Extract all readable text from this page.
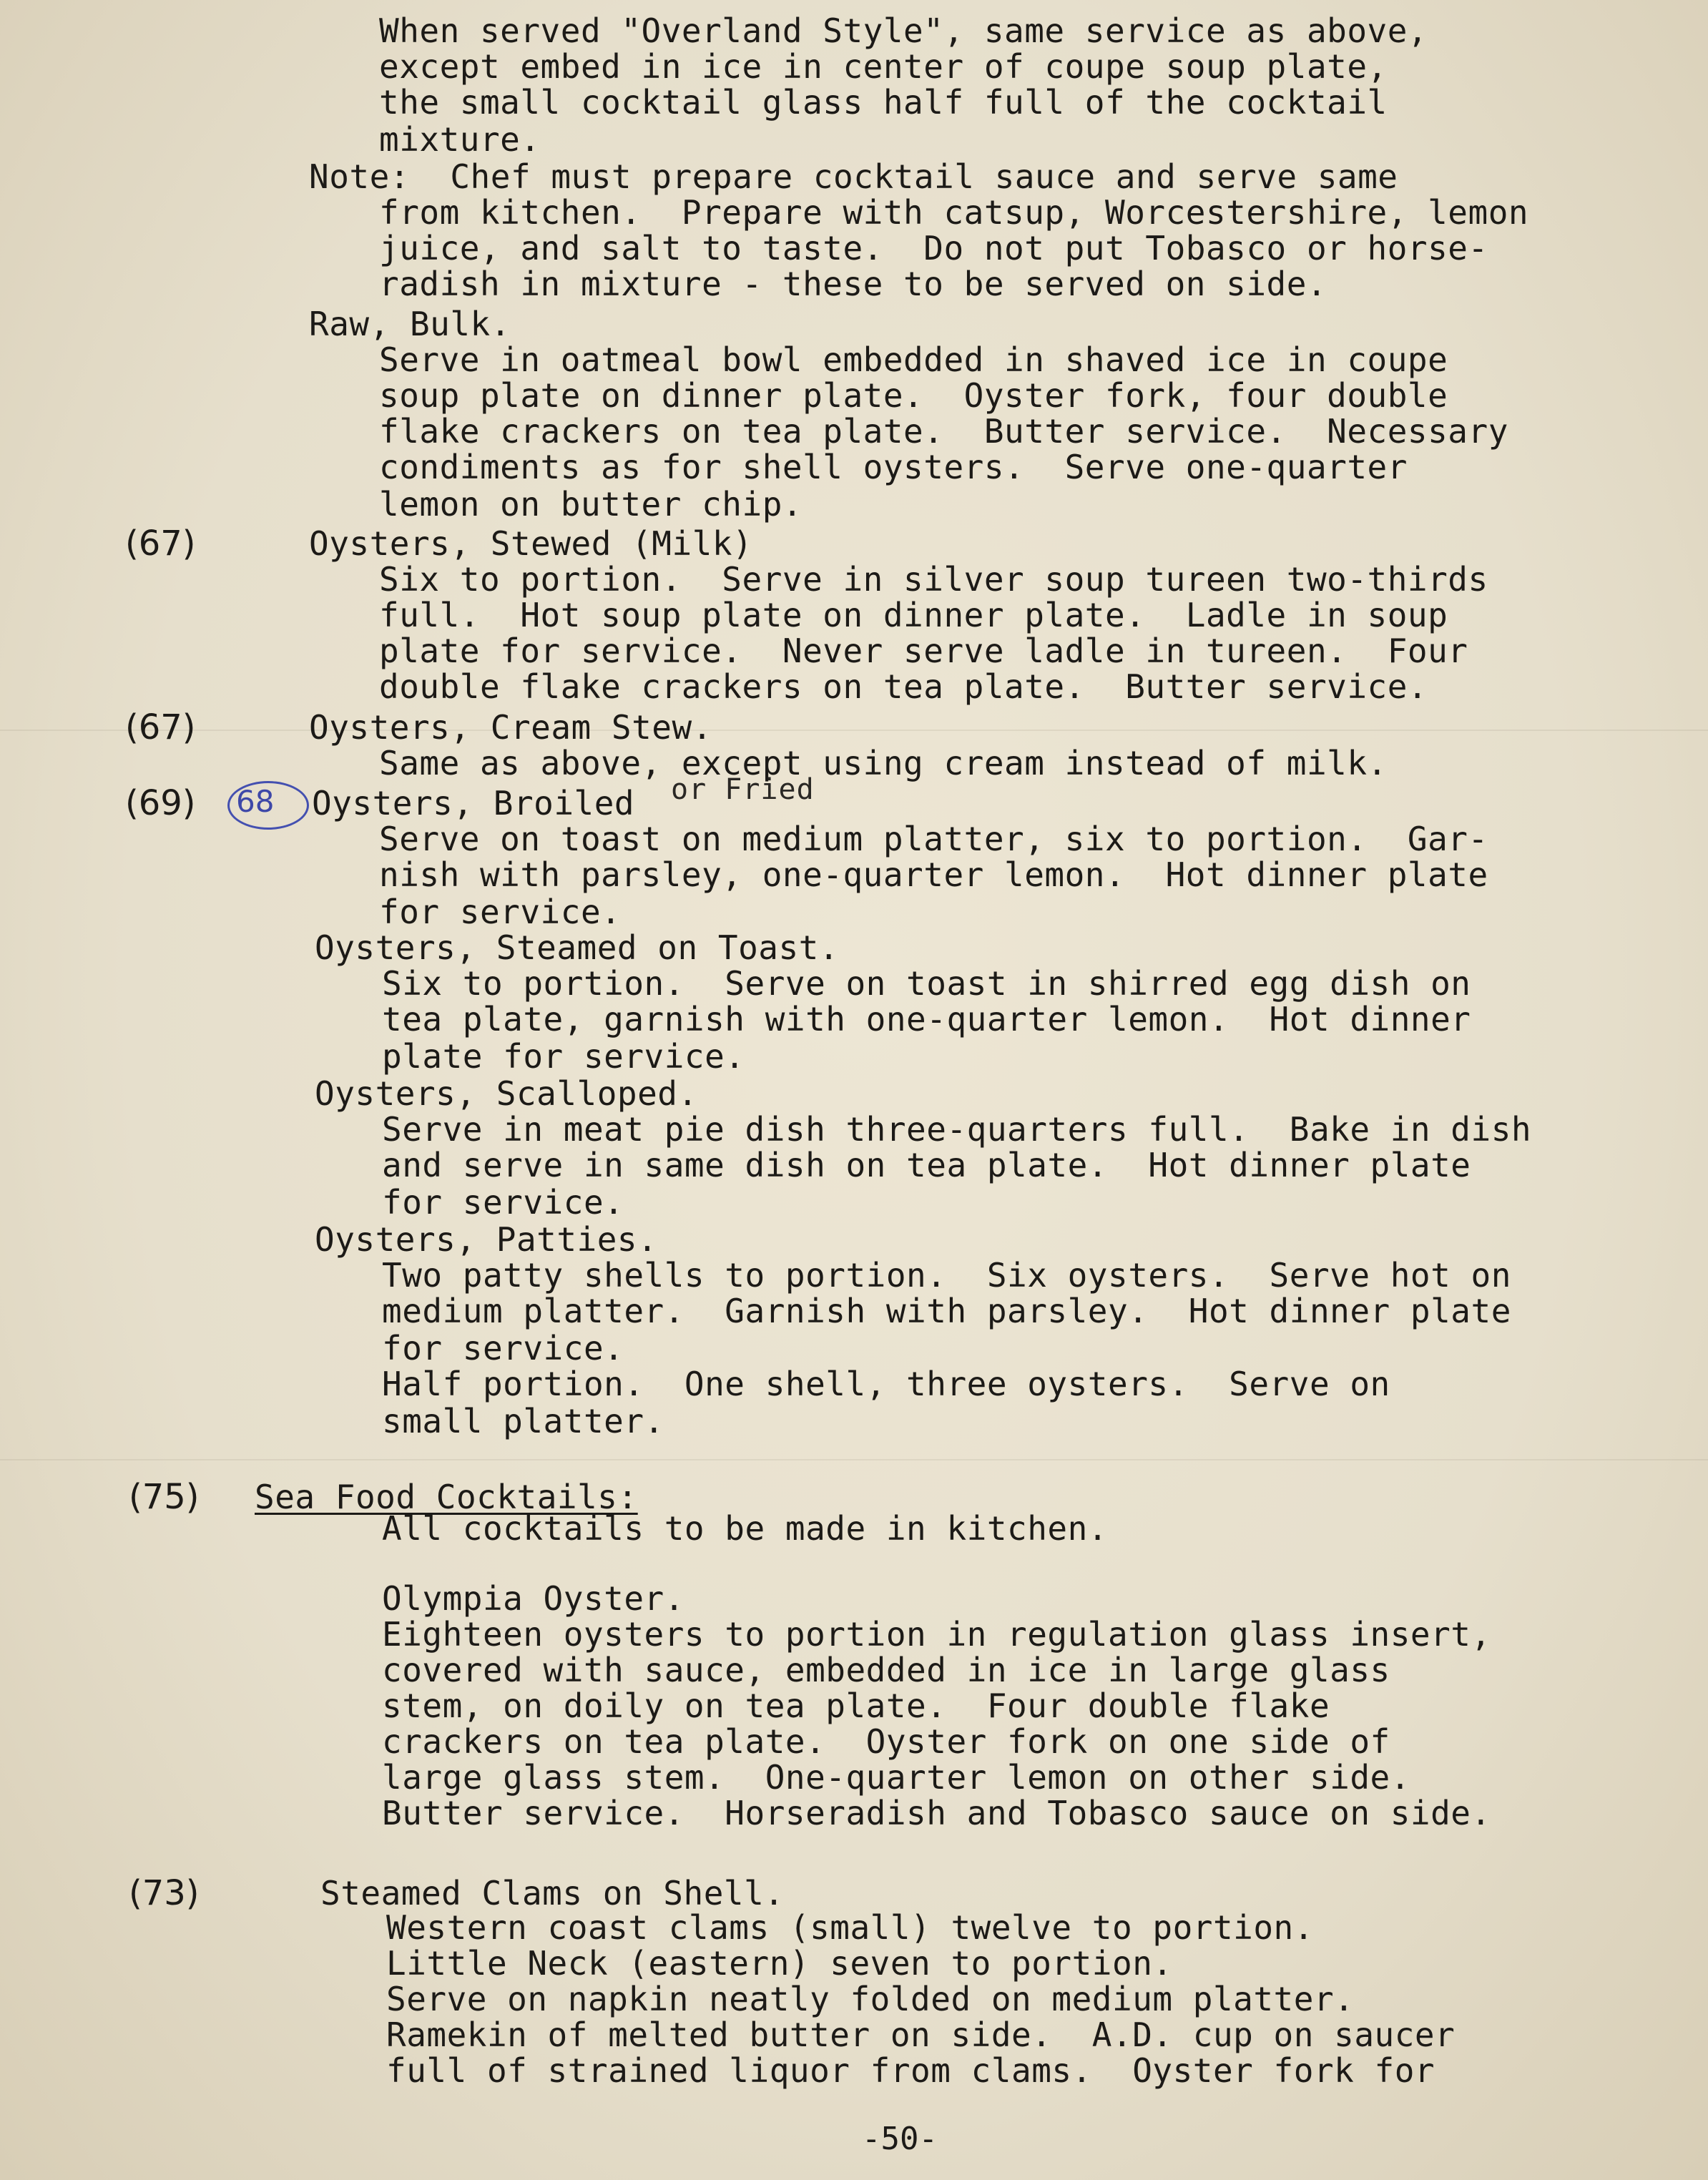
When served "Overland Style", same service as above,
except embed in ice in center of coupe soup plate,
the small cocktail glass half full of the cocktail
mixture.
Note:  Chef must prepare cocktail sauce and serve same
from kitchen.  Prepare with catsup, Worcestershire, lemon
juice, and salt to taste.  Do not put Tobasco or horse-
radish in mixture - these to be served on side.
Raw, Bulk.
Serve in oatmeal bowl embedded in shaved ice in coupe
soup plate on dinner plate.  Oyster fork, four double
flake crackers on tea plate.  Butter service.  Necessary
condiments as for shell oysters.  Serve one-quarter
lemon on butter chip.
(67)	Oysters, Stewed (Milk)
Six to portion.  Serve in silver soup tureen two-thirds
full.  Hot soup plate on dinner plate.  Ladle in soup
plate for service.  Never serve ladle in tureen.  Four
double flake crackers on tea plate.  Butter service.
(67)	Oysters, Cream Stew.
Same as above, except using cream instead of milk.
(69) 68 Oysters, Broiled or Fried
Serve on toast on medium platter, six to portion.  Gar-
nish with parsley, one-quarter lemon.  Hot dinner plate
for service.
Oysters, Steamed on Toast.
Six to portion.  Serve on toast in shirred egg dish on
tea plate, garnish with one-quarter lemon.  Hot dinner
plate for service.
Oysters, Scalloped.
Serve in meat pie dish three-quarters full.  Bake in dish
and serve in same dish on tea plate.  Hot dinner plate
for service.
Oysters, Patties.
Two patty shells to portion.  Six oysters.  Serve hot on
medium platter.  Garnish with parsley.  Hot dinner plate
for service.
Half portion.  One shell, three oysters.  Serve on
small platter.
(75) Sea Food Cocktails:
All cocktails to be made in kitchen.
Olympia Oyster.
Eighteen oysters to portion in regulation glass insert,
covered with sauce, embedded in ice in large glass
stem, on doily on tea plate.  Four double flake
crackers on tea plate.  Oyster fork on one side of
large glass stem.  One-quarter lemon on other side.
Butter service.  Horseradish and Tobasco sauce on side.
(73)	Steamed Clams on Shell.
Western coast clams (small) twelve to portion.
Little Neck (eastern) seven to portion.
Serve on napkin neatly folded on medium platter.
Ramekin of melted butter on side.  A.D. cup on saucer
full of strained liquor from clams.  Oyster fork for
-50-
